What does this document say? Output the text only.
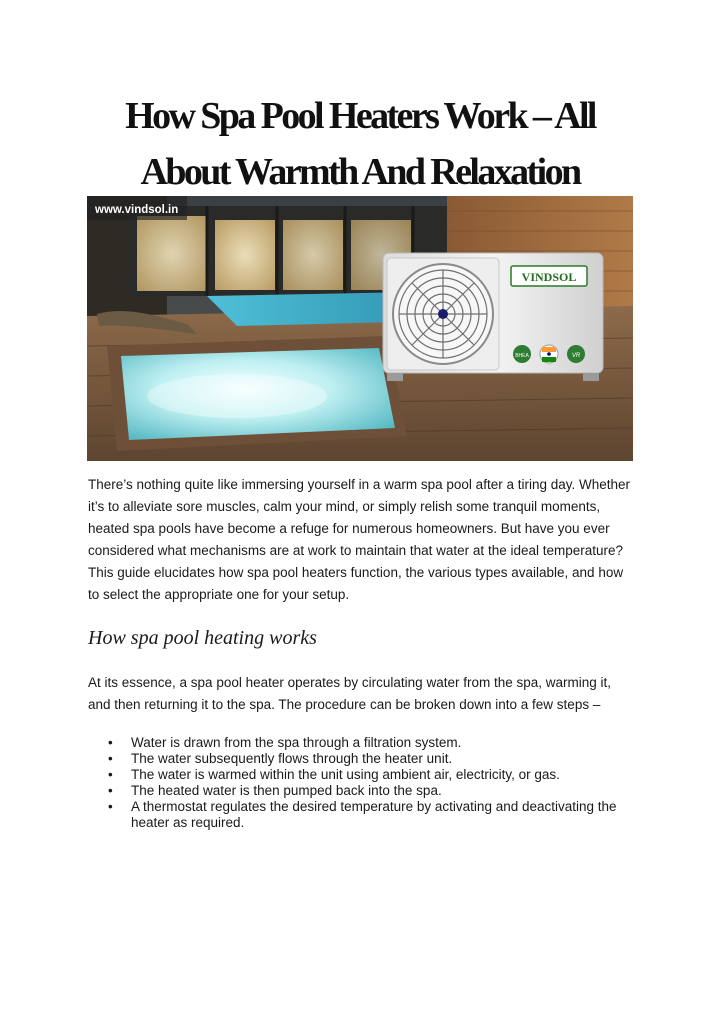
How Spa Pool Heaters Work – All
About Warmth And Relaxation
www.vindsol.in
VINDSOL
BHEA	VR

There’s nothing quite like immersing yourself in a warm spa pool after a tiring day. Whether it’s to alleviate sore muscles, calm your mind, or simply relish some tranquil moments, heated spa pools have become a refuge for numerous homeowners. But have you ever considered what mechanisms are at work to maintain that water at the ideal temperature? This guide elucidates how spa pool heaters function, the various types available, and how to select the appropriate one for your setup.

How spa pool heating works

At its essence, a spa pool heater operates by circulating water from the spa, warming it, and then returning it to the spa. The procedure can be broken down into a few steps –

• Water is drawn from the spa through a filtration system.
• The water subsequently flows through the heater unit.
• The water is warmed within the unit using ambient air, electricity, or gas.
• The heated water is then pumped back into the spa.
• A thermostat regulates the desired temperature by activating and deactivating the heater as required.
